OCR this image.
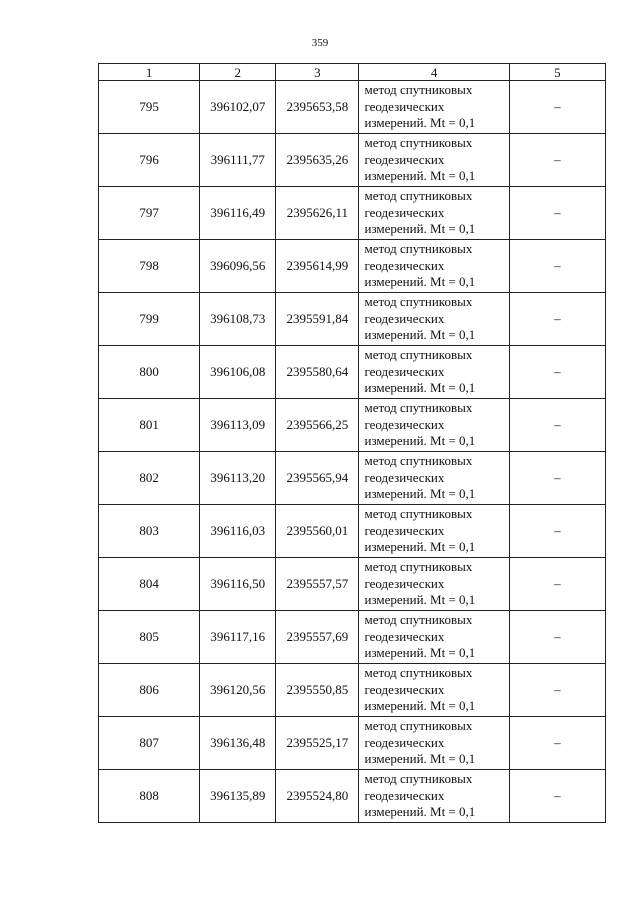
359
1	2	3	4	5
795	396102,07	2395653,58	метод спутниковых
геодезических
измерений. Mt = 0,1	–
796	396111,77	2395635,26	метод спутниковых
геодезических
измерений. Mt = 0,1	–
797	396116,49	2395626,11	метод спутниковых
геодезических
измерений. Mt = 0,1	–
798	396096,56	2395614,99	метод спутниковых
геодезических
измерений. Mt = 0,1	–
799	396108,73	2395591,84	метод спутниковых
геодезических
измерений. Mt = 0,1	–
800	396106,08	2395580,64	метод спутниковых
геодезических
измерений. Mt = 0,1	–
801	396113,09	2395566,25	метод спутниковых
геодезических
измерений. Mt = 0,1	–
802	396113,20	2395565,94	метод спутниковых
геодезических
измерений. Mt = 0,1	–
803	396116,03	2395560,01	метод спутниковых
геодезических
измерений. Mt = 0,1	–
804	396116,50	2395557,57	метод спутниковых
геодезических
измерений. Mt = 0,1	–
805	396117,16	2395557,69	метод спутниковых
геодезических
измерений. Mt = 0,1	–
806	396120,56	2395550,85	метод спутниковых
геодезических
измерений. Mt = 0,1	–
807	396136,48	2395525,17	метод спутниковых
геодезических
измерений. Mt = 0,1	–
808	396135,89	2395524,80	метод спутниковых
геодезических
измерений. Mt = 0,1	–
